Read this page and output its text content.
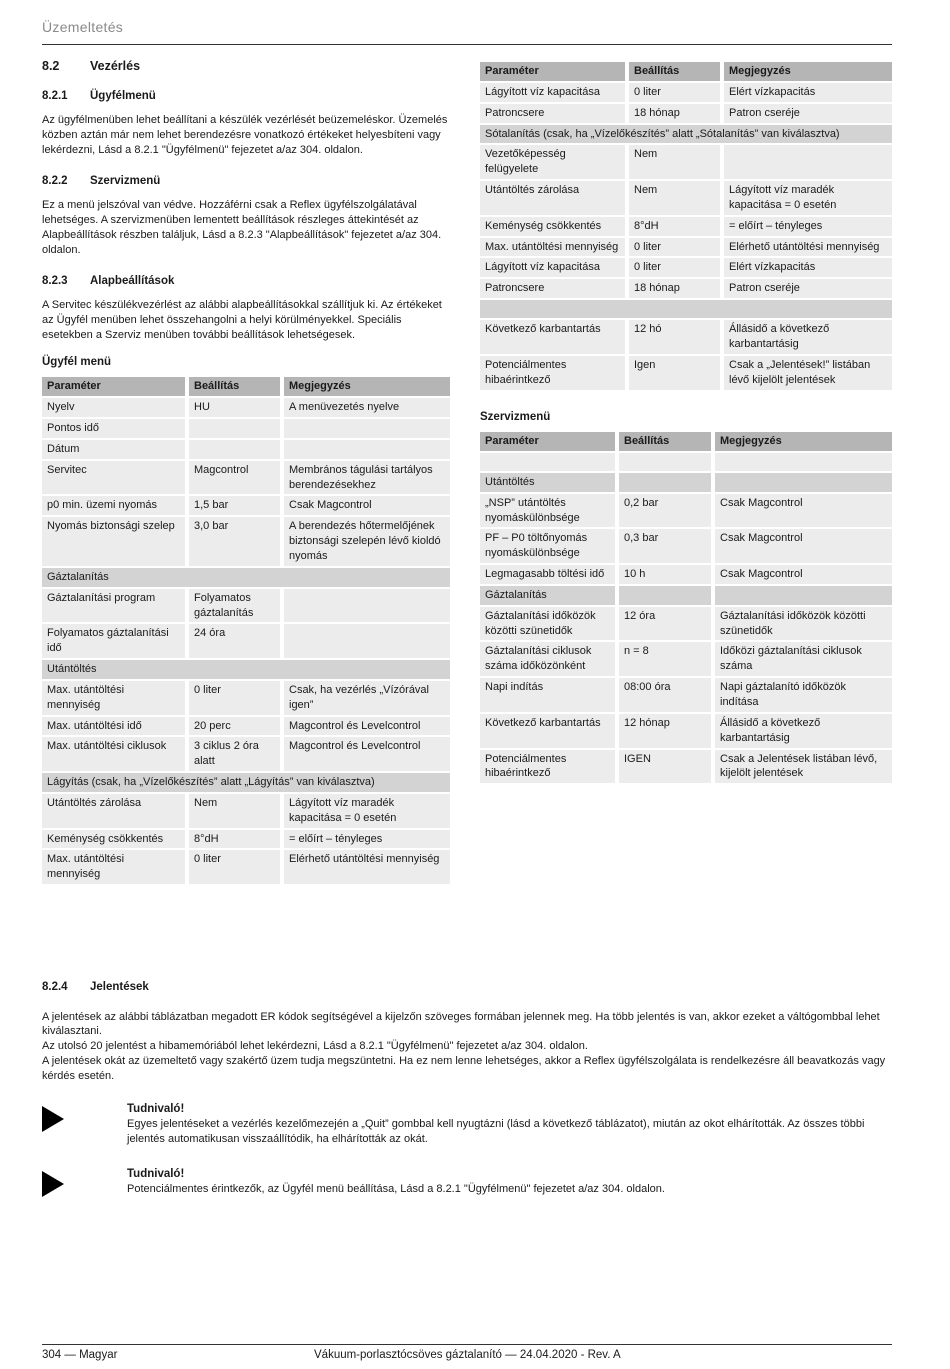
Üzemeltetés
8.2	Vezérlés
8.2.1	Ügyfélmenü

Az ügyfélmenüben lehet beállítani a készülék vezérlését beüzemeléskor. Üzemelés közben aztán már nem lehet berendezésre vonatkozó értékeket helyesbíteni vagy lekérdezni, Lásd a 8.2.1 "Ügyfélmenü" fejezetet a/az 304. oldalon.

8.2.2	Szervizmenü

Ez a menü jelszóval van védve. Hozzáférni csak a Reflex ügyfélszolgálatával lehetséges. A szervizmenüben lementett beállítások részleges áttekintését az Alapbeállítások részben találjuk, Lásd a 8.2.3 "Alapbeállítások" fejezetet a/az 304. oldalon.

8.2.3	Alapbeállítások

A Servitec készülékvezérlést az alábbi alapbeállításokkal szállítjuk ki. Az értékeket az Ügyfél menüben lehet összehangolni a helyi körülményekkel. Speciális esetekben a Szerviz menüben további beállítások lehetségesek.

Ügyfél menü
Paraméter	Beállítás	Megjegyzés
Nyelv	HU	A menüvezetés nyelve
Pontos idő		
Dátum		
Servitec	Magcontrol	Membrános tágulási tartályos berendezésekhez
p0 min. üzemi nyomás	1,5 bar	Csak Magcontrol
Nyomás biztonsági szelep	3,0 bar	A berendezés hőtermelőjének biztonsági szelepén lévő kioldó nyomás
Gáztalanítás		
Gáztalanítási program	Folyamatos gáztalanítás	
Folyamatos gáztalanítási idő	24 óra	
Utántöltés		
Max. utántöltési mennyiség	0 liter	Csak, ha vezérlés „Vízórával igen”
Max. utántöltési idő	20 perc	Magcontrol és Levelcontrol
Max. utántöltési ciklusok	3 ciklus 2 óra alatt	Magcontrol és Levelcontrol
Lágyítás (csak, ha „Vízelőkészítés” alatt „Lágyítás” van kiválasztva)		
Utántöltés zárolása	Nem	Lágyított víz maradék kapacitása = 0 esetén
Keménység csökkentés	8°dH	= előírt – tényleges
Max. utántöltési mennyiség	0 liter	Elérhető utántöltési mennyiség
Paraméter	Beállítás	Megjegyzés
Lágyított víz kapacitása	0 liter	Elért vízkapacitás
Patroncsere	18 hónap	Patron cseréje
Sótalanítás (csak, ha „Vízelőkészítés” alatt „Sótalanítás” van kiválasztva)		
Vezetőképesség felügyelete	Nem	
Utántöltés zárolása	Nem	Lágyított víz maradék kapacitása = 0 esetén
Keménység csökkentés	8°dH	= előírt – tényleges
Max. utántöltési mennyiség	0 liter	Elérhető utántöltési mennyiség
Lágyított víz kapacitása	0 liter	Elért vízkapacitás
Patroncsere	18 hónap	Patron cseréje

Következő karbantartás	12 hó	Állásidő a következő karbantartásig
Potenciálmentes hibaérintkező	Igen	Csak a „Jelentések!” listában lévő kijelölt jelentések
Szervizmenü
Paraméter	Beállítás	Megjegyzés

Utántöltés		
„NSP” utántöltés nyomáskülönbsége	0,2 bar	Csak Magcontrol
PF – P0 töltőnyomás nyomáskülönbsége	0,3 bar	Csak Magcontrol
Legmagasabb töltési idő	10 h	Csak Magcontrol
Gáztalanítás		
Gáztalanítási időközök közötti szünetidők	12 óra	Gáztalanítási időközök közötti szünetidők
Gáztalanítási ciklusok száma időközönként	n = 8	Időközi gáztalanítási ciklusok száma
Napi indítás	08:00 óra	Napi gáztalanító időközök indítása
Következő karbantartás	12 hónap	Állásidő a következő karbantartásig
Potenciálmentes hibaérintkező	IGEN	Csak a Jelentések listában lévő, kijelölt jelentések
8.2.4	Jelentések

A jelentések az alábbi táblázatban megadott ER kódok segítségével a kijelzőn szöveges formában jelennek meg. Ha több jelentés is van, akkor ezeket a váltógombbal lehet kiválasztani.

Az utolsó 20 jelentést a hibamemóriából lehet lekérdezni, Lásd a 8.2.1 "Ügyfélmenü" fejezetet a/az 304. oldalon.

A jelentések okát az üzemeltető vagy szakértő üzem tudja megszüntetni. Ha ez nem lenne lehetséges, akkor a Reflex ügyfélszolgálata is rendelkezésre áll beavatkozás vagy kérdés esetén.

Tudnivaló!
Egyes jelentéseket a vezérlés kezelőmezején a „Quit” gombbal kell nyugtázni (lásd a következő táblázatot), miután az okot elhárították. Az összes többi jelentés automatikusan visszaállítódik, ha elhárították az okát.
Tudnivaló!
Potenciálmentes érintkezők, az Ügyfél menü beállítása, Lásd a 8.2.1 "Ügyfélmenü" fejezetet a/az 304. oldalon.
304 — Magyar	Vákuum-porlasztócsöves gáztalanító — 24.04.2020 - Rev. A
